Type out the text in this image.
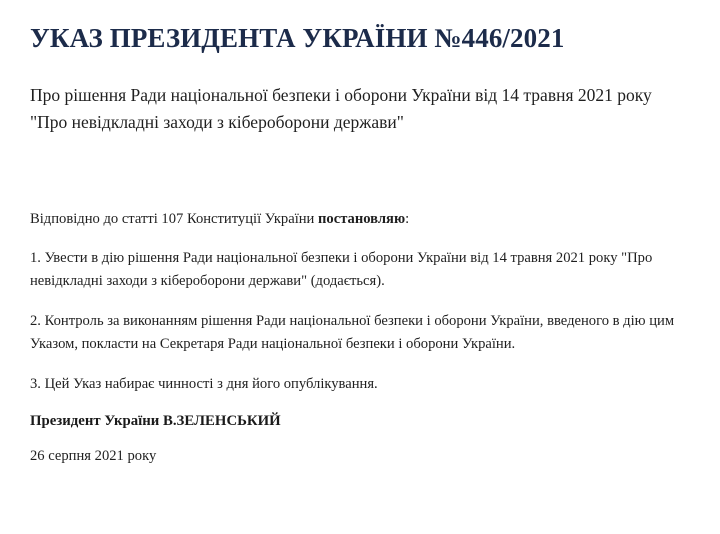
УКАЗ ПРЕЗИДЕНТА УКРАЇНИ №446/2021

Про рішення Ради національної безпеки і оборони України від 14 травня 2021 року "Про невідкладні заходи з кібероборони держави"

Відповідно до статті 107 Конституції України постановляю:

1. Увести в дію рішення Ради національної безпеки і оборони України від 14 травня 2021 року "Про невідкладні заходи з кібероборони держави" (додається).

2. Контроль за виконанням рішення Ради національної безпеки і оборони України, введеного в дію цим Указом, покласти на Секретаря Ради національної безпеки і оборони України.

3. Цей Указ набирає чинності з дня його опублікування.

Президент України В.ЗЕЛЕНСЬКИЙ

26 серпня 2021 року
